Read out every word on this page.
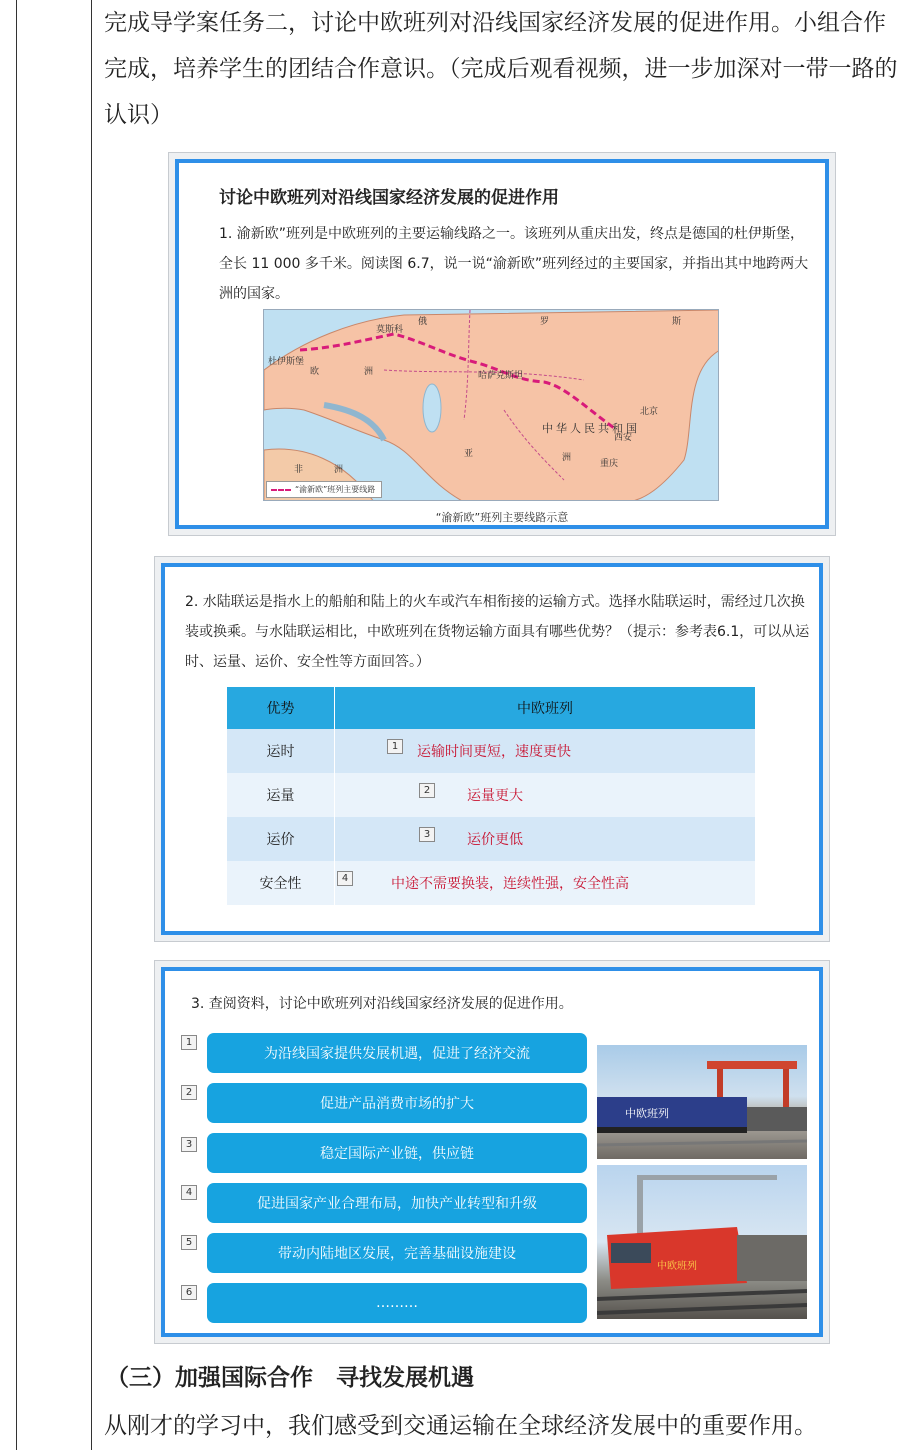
完成导学案任务二，讨论中欧班列对沿线国家经济发展的促进作用。小组合作完成，培养学生的团结合作意识。（完成后观看视频，进一步加深对一带一路的认识）

讨论中欧班列对沿线国家经济发展的促进作用
1. 渝新欧”班列是中欧班列的主要运输线路之一。该班列从重庆出发，终点是德国的杜伊斯堡，全长 11 000 多千米。阅读图 6.7，说一说“渝新欧”班列经过的主要国家，并指出其中地跨两大洲的国家。
俄	罗	斯
莫斯科
杜伊斯堡
欧	洲	哈萨克斯坦
中华人民共和国
北京
西安
重庆
亚	洲
非	洲
“渝新欧”班列主要线路
“渝新欧”班列主要线路示意
2. 水陆联运是指水上的船舶和陆上的火车或汽车相衔接的运输方式。选择水陆联运时，需经过几次换装或换乘。与水陆联运相比，中欧班列在货物运输方面具有哪些优势？（提示：参考表6.1，可以从运时、运量、运价、安全性等方面回答。）
优势	中欧班列
运时	1	运输时间更短，速度更快
运量	2	运量更大
运价	3	运价更低
安全性	4	中途不需要换装，连续性强，安全性高
3. 查阅资料，讨论中欧班列对沿线国家经济发展的促进作用。
1
为沿线国家提供发展机遇，促进了经济交流
2
促进产品消费市场的扩大
3
稳定国际产业链，供应链
4
促进国家产业合理布局，加快产业转型和升级
5
带动内陆地区发展，完善基础设施建设
6
………
中欧班列
中欧班列
（三）加强国际合作　寻找发展机遇

从刚才的学习中，我们感受到交通运输在全球经济发展中的重要作用。
